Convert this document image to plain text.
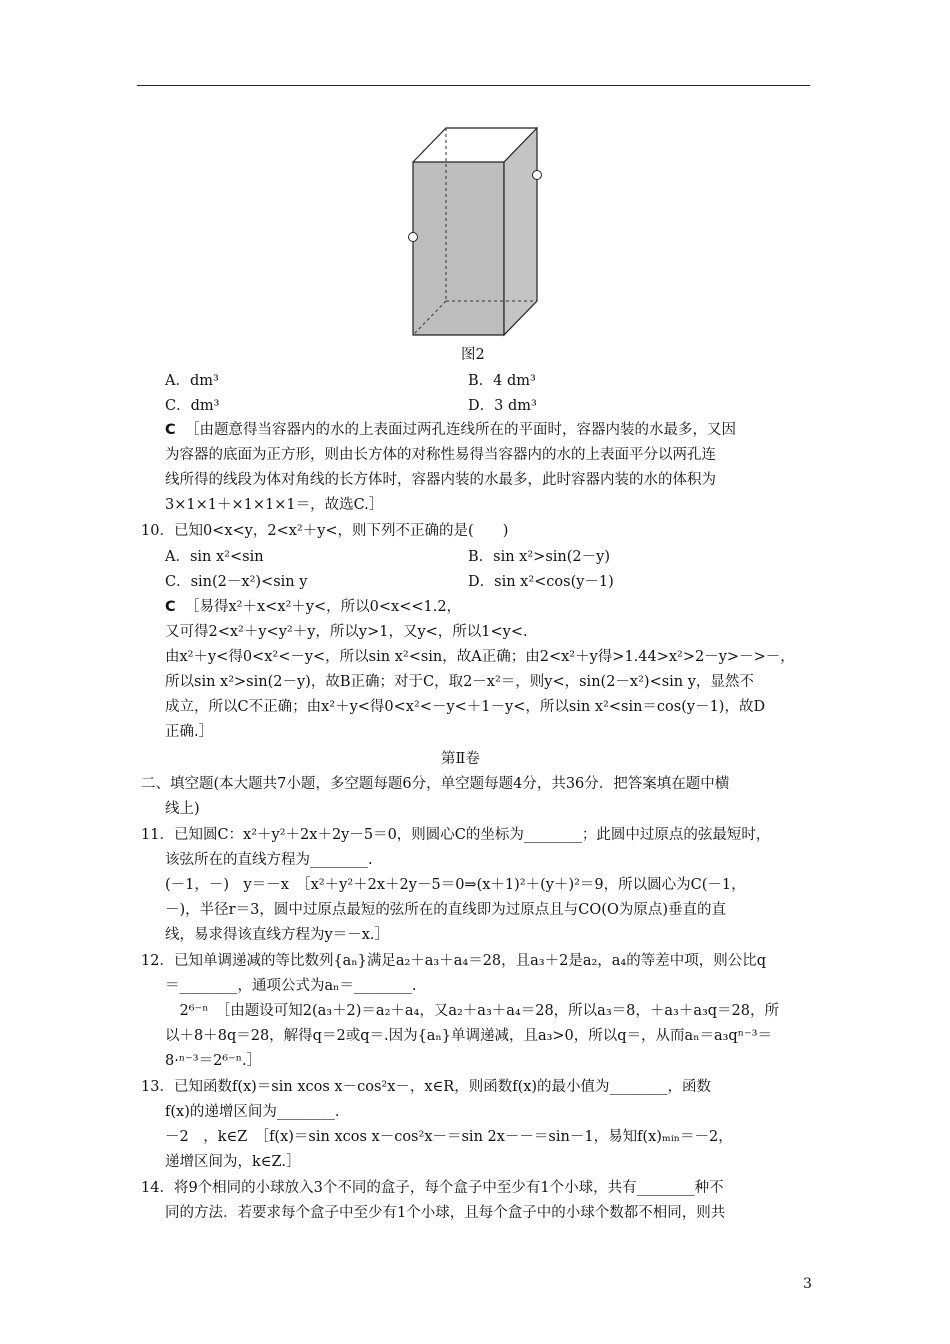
图2
A．dm³	B．4 dm³
C．dm³	D．3 dm³
C ［由题意得当容器内的水的上表面过两孔连线所在的平面时，容器内装的水最多，又因
为容器的底面为正方形，则由长方体的对称性易得当容器内的水的上表面平分以两孔连
线所得的线段为体对角线的长方体时，容器内装的水最多，此时容器内装的水的体积为
3×1×1＋×1×1×1＝，故选C.］
10．已知0<x<y，2<x²＋y<，则下列不正确的是(　　)
A．sin x²<sin	B．sin x²>sin(2－y)
C．sin(2－x²)<sin y	D．sin x²<cos(y－1)
C ［易得x²＋x<x²＋y<，所以0<x<<1.2，
又可得2<x²＋y<y²＋y，所以y>1，又y<，所以1<y<.
由x²＋y<得0<x²<－y<，所以sin x²<sin，故A正确；由2<x²＋y得>1.44>x²>2－y>－>－，
所以sin x²>sin(2－y)，故B正确；对于C，取2－x²＝，则y<，sin(2－x²)<sin y，显然不
成立，所以C不正确；由x²＋y<得0<x²<－y<＋1－y<，所以sin x²<sin＝cos(y－1)，故D
正确.］
第Ⅱ卷
二、填空题(本大题共7小题，多空题每题6分，单空题每题4分，共36分．把答案填在题中横
线上)
11．已知圆C：x²＋y²＋2x＋2y－5＝0，则圆心C的坐标为________；此圆中过原点的弦最短时，
该弦所在的直线方程为________.
(－1，－)　y＝－x　［x²＋y²＋2x＋2y－5＝0⇒(x＋1)²＋(y＋)²＝9，所以圆心为C(－1，
－)，半径r＝3，圆中过原点最短的弦所在的直线即为过原点且与CO(O为原点)垂直的直
线，易求得该直线方程为y＝－x.］
12．已知单调递减的等比数列{aₙ}满足a₂＋a₃＋a₄＝28，且a₃＋2是a₂，a₄的等差中项，则公比q
＝________，通项公式为aₙ＝________.
　2⁶⁻ⁿ　［由题设可知2(a₃＋2)＝a₂＋a₄，又a₂＋a₃＋a₄＝28，所以a₃＝8，＋a₃＋a₃q＝28，所
以＋8＋8q＝28，解得q＝2或q＝.因为{aₙ}单调递减，且a₃>0，所以q＝，从而aₙ＝a₃qⁿ⁻³＝
8·ⁿ⁻³＝2⁶⁻ⁿ.］
13．已知函数f(x)＝sin xcos x－cos²x－，x∈R，则函数f(x)的最小值为________，函数
f(x)的递增区间为________.
－2　，k∈Z　［f(x)＝sin xcos x－cos²x－＝sin 2x－－＝sin－1，易知f(x)ₘᵢₙ＝－2，
递增区间为，k∈Z.］
14．将9个相同的小球放入3个不同的盒子，每个盒子中至少有1个小球，共有________种不
同的方法．若要求每个盒子中至少有1个小球，且每个盒子中的小球个数都不相同，则共
3
